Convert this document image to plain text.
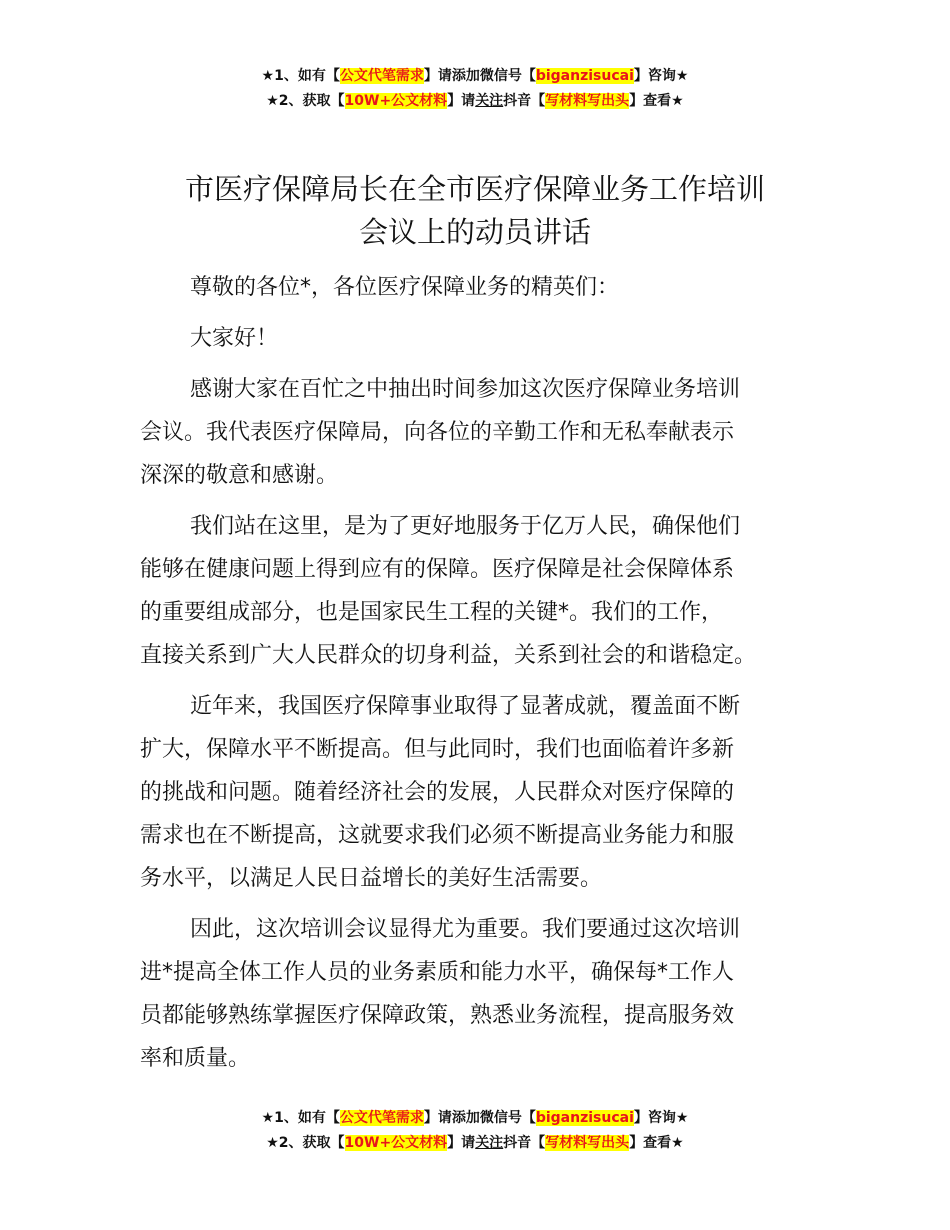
★1、如有【公文代笔需求】请添加微信号【biganzisucai】咨询★
★2、获取【10W+公文材料】请关注抖音【写材料写出头】查看★
市医疗保障局长在全市医疗保障业务工作培训
会议上的动员讲话

尊敬的各位*，各位医疗保障业务的精英们：

大家好！

感谢大家在百忙之中抽出时间参加这次医疗保障业务培训
会议。我代表医疗保障局，向各位的辛勤工作和无私奉献表示
深深的敬意和感谢。

我们站在这里，是为了更好地服务于亿万人民，确保他们
能够在健康问题上得到应有的保障。医疗保障是社会保障体系
的重要组成部分，也是国家民生工程的关键*。我们的工作，
直接关系到广大人民群众的切身利益，关系到社会的和谐稳定。

近年来，我国医疗保障事业取得了显著成就，覆盖面不断
扩大，保障水平不断提高。但与此同时，我们也面临着许多新
的挑战和问题。随着经济社会的发展，人民群众对医疗保障的
需求也在不断提高，这就要求我们必须不断提高业务能力和服
务水平，以满足人民日益增长的美好生活需要。

因此，这次培训会议显得尤为重要。我们要通过这次培训
进*提高全体工作人员的业务素质和能力水平，确保每*工作人
员都能够熟练掌握医疗保障政策，熟悉业务流程，提高服务效
率和质量。

★1、如有【公文代笔需求】请添加微信号【biganzisucai】咨询★
★2、获取【10W+公文材料】请关注抖音【写材料写出头】查看★
